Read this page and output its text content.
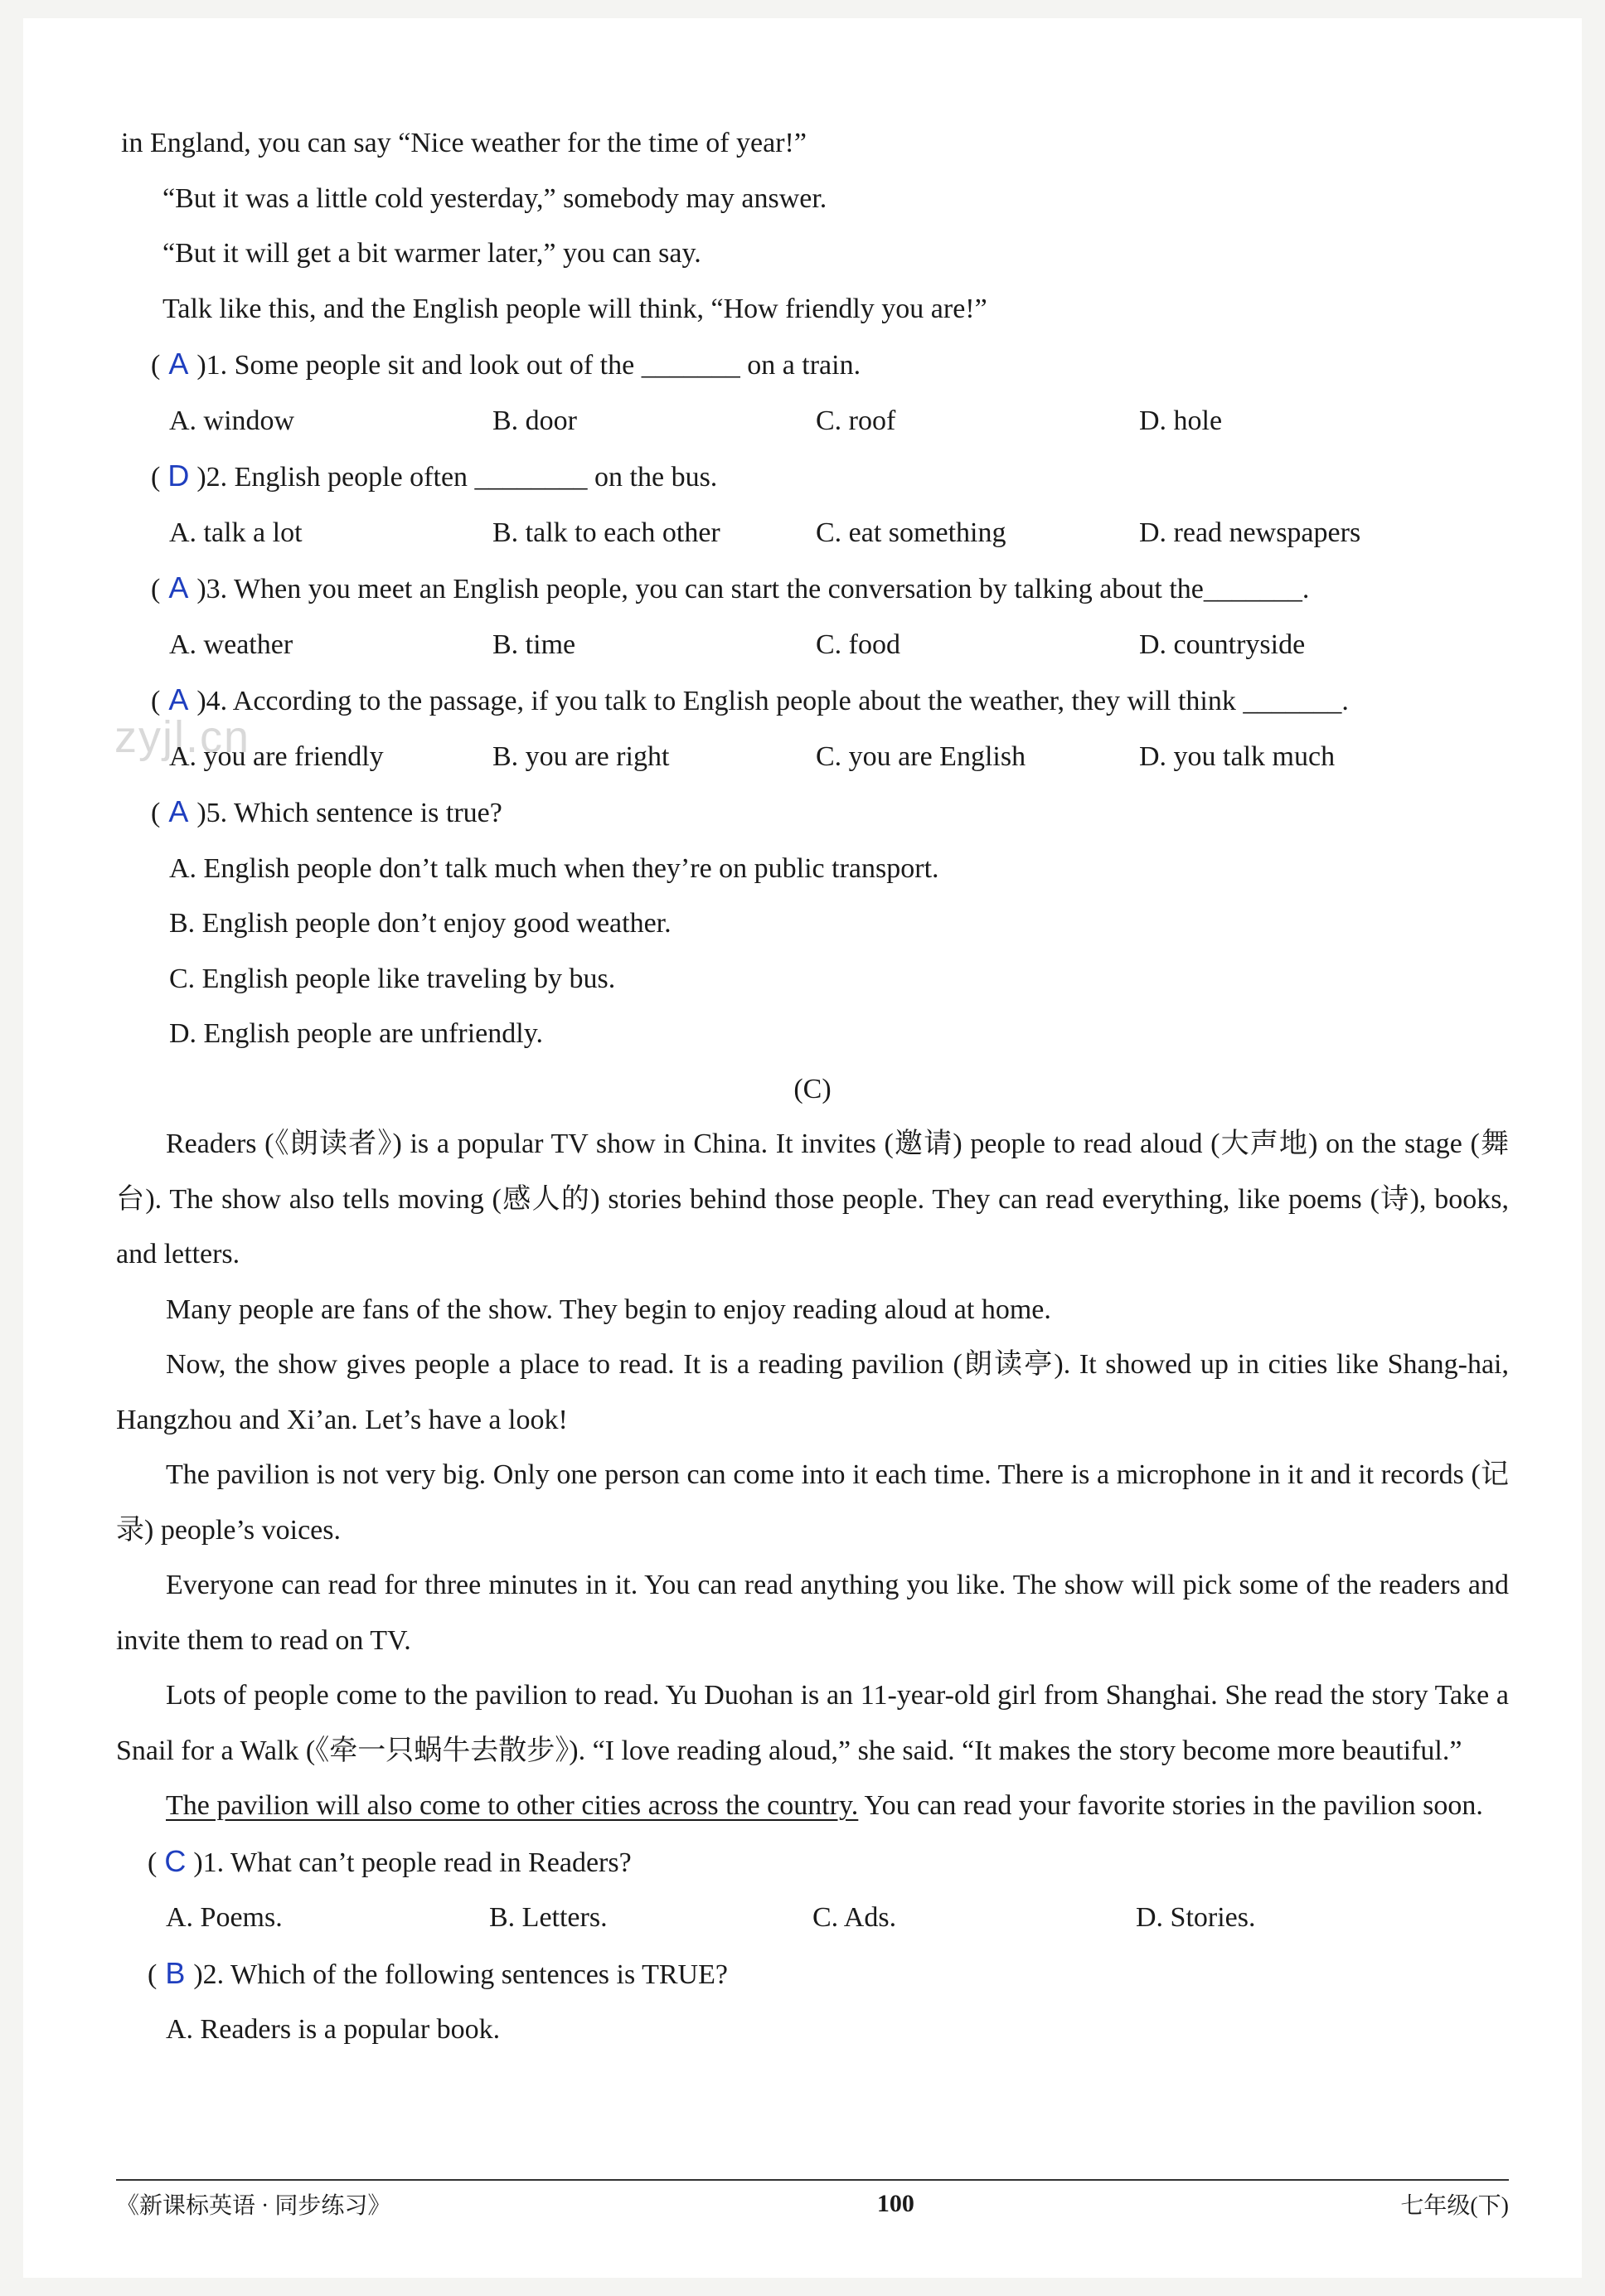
zyjl.cn
in England, you can say “Nice weather for the time of year!”
“But it was a little cold yesterday,” somebody may answer.
“But it will get a bit warmer later,” you can say.
Talk like this, and the English people will think, “How friendly you are!”
( A )1. Some people sit and look out of the _______ on a train.
A. window	B. door	C. roof	D. hole
( D )2. English people often ________ on the bus.
A. talk a lot	B. talk to each other	C. eat something	D. read newspapers
( A )3. When you meet an English people, you can start the conversation by talking about the_______.
A. weather	B. time	C. food	D. countryside
( A )4. According to the passage, if you talk to English people about the weather, they will think _______.
A. you are friendly	B. you are right	C. you are English	D. you talk much
( A )5. Which sentence is true?
A. English people don’t talk much when they’re on public transport.
B. English people don’t enjoy good weather.
C. English people like traveling by bus.
D. English people are unfriendly.
(C)
Readers (《朗读者》) is a popular TV show in China. It invites (邀请) people to read aloud (大声地) on the stage (舞台). The show also tells moving (感人的) stories behind those people. They can read everything, like poems (诗), books, and letters.
Many people are fans of the show. They begin to enjoy reading aloud at home.
Now, the show gives people a place to read. It is a reading pavilion (朗读亭). It showed up in cities like Shang-hai, Hangzhou and Xi’an. Let’s have a look!
The pavilion is not very big. Only one person can come into it each time. There is a microphone in it and it records (记录) people’s voices.
Everyone can read for three minutes in it. You can read anything you like. The show will pick some of the readers and invite them to read on TV.
Lots of people come to the pavilion to read. Yu Duohan is an 11-year-old girl from Shanghai. She read the story Take a Snail for a Walk (《牵一只蜗牛去散步》). “I love reading aloud,” she said. “It makes the story become more beautiful.”
The pavilion will also come to other cities across the country. You can read your favorite stories in the pavilion soon.
( C )1. What can’t people read in Readers?
A. Poems.	B. Letters.	C. Ads.	D. Stories.
( B )2. Which of the following sentences is TRUE?
A. Readers is a popular book.
《新课标英语 · 同步练习》	100	七年级(下)
